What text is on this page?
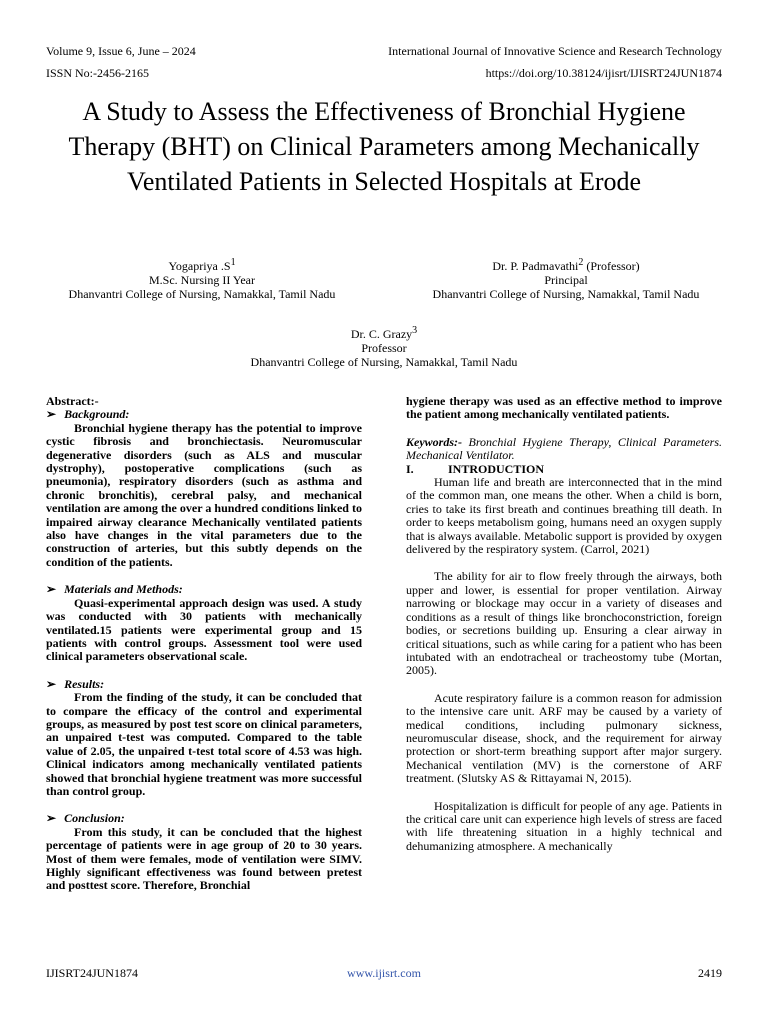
Volume 9, Issue 6, June – 2024	International Journal of Innovative Science and Research Technology
ISSN No:-2456-2165	https://doi.org/10.38124/ijisrt/IJISRT24JUN1874
A Study to Assess the Effectiveness of Bronchial Hygiene Therapy (BHT) on Clinical Parameters among Mechanically Ventilated Patients in Selected Hospitals at Erode
Yogapriya $.S^1$
M.Sc. Nursing II Year
Dhanvantri College of Nursing, Namakkal, Tamil Nadu
Dr. P. Padmavathi$^2$ (Professor)
Principal
Dhanvantri College of Nursing, Namakkal, Tamil Nadu
Dr. C. Grazy$^3$
Professor
Dhanvantri College of Nursing, Namakkal, Tamil Nadu

Abstract:-

➢ Background:

Bronchial hygiene therapy has the potential to improve cystic fibrosis and bronchiectasis. Neuromuscular degenerative disorders (such as ALS and muscular dystrophy), postoperative complications (such as pneumonia), respiratory disorders (such as asthma and chronic bronchitis), cerebral palsy, and mechanical ventilation are among the over a hundred conditions linked to impaired airway clearance Mechanically ventilated patients also have changes in the vital parameters due to the construction of arteries, but this subtly depends on the condition of the patients.

➢ Materials and Methods:

Quasi-experimental approach design was used. A study was conducted with 30 patients with mechanically ventilated.15 patients were experimental group and 15 patients with control groups. Assessment tool were used clinical parameters observational scale.

➢ Results:

From the finding of the study, it can be concluded that to compare the efficacy of the control and experimental groups, as measured by post test score on clinical parameters, an unpaired t-test was computed. Compared to the table value of 2.05, the unpaired t-test total score of 4.53 was high. Clinical indicators among mechanically ventilated patients showed that bronchial hygiene treatment was more successful than control group.

➢ Conclusion:

From this study, it can be concluded that the highest percentage of patients were in age group of 20 to 30 years. Most of them were females, mode of ventilation were SIMV. Highly significant effectiveness was found between pretest and posttest score. Therefore, Bronchial

hygiene therapy was used as an effective method to improve the patient among mechanically ventilated patients.

Keywords:- Bronchial Hygiene Therapy, Clinical Parameters. Mechanical Ventilator.

I.	INTRODUCTION

Human life and breath are interconnected that in the mind of the common man, one means the other. When a child is born, cries to take its first breath and continues breathing till death. In order to keeps metabolism going, humans need an oxygen supply that is always available. Metabolic support is provided by oxygen delivered by the respiratory system. (Carrol, 2021)

The ability for air to flow freely through the airways, both upper and lower, is essential for proper ventilation. Airway narrowing or blockage may occur in a variety of diseases and conditions as a result of things like bronchoconstriction, foreign bodies, or secretions building up. Ensuring a clear airway in critical situations, such as while caring for a patient who has been intubated with an endotracheal or tracheostomy tube (Mortan, 2005).

Acute respiratory failure is a common reason for admission to the intensive care unit. ARF may be caused by a variety of medical conditions, including pulmonary sickness, neuromuscular disease, shock, and the requirement for airway protection or short-term breathing support after major surgery. Mechanical ventilation (MV) is the cornerstone of ARF treatment. (Slutsky AS & Rittayamai N, 2015).

Hospitalization is difficult for people of any age. Patients in the critical care unit can experience high levels of stress are faced with life threatening situation in a highly technical and dehumanizing atmosphere. A mechanically

IJISRT24JUN1874	www.ijisrt.com	2419
